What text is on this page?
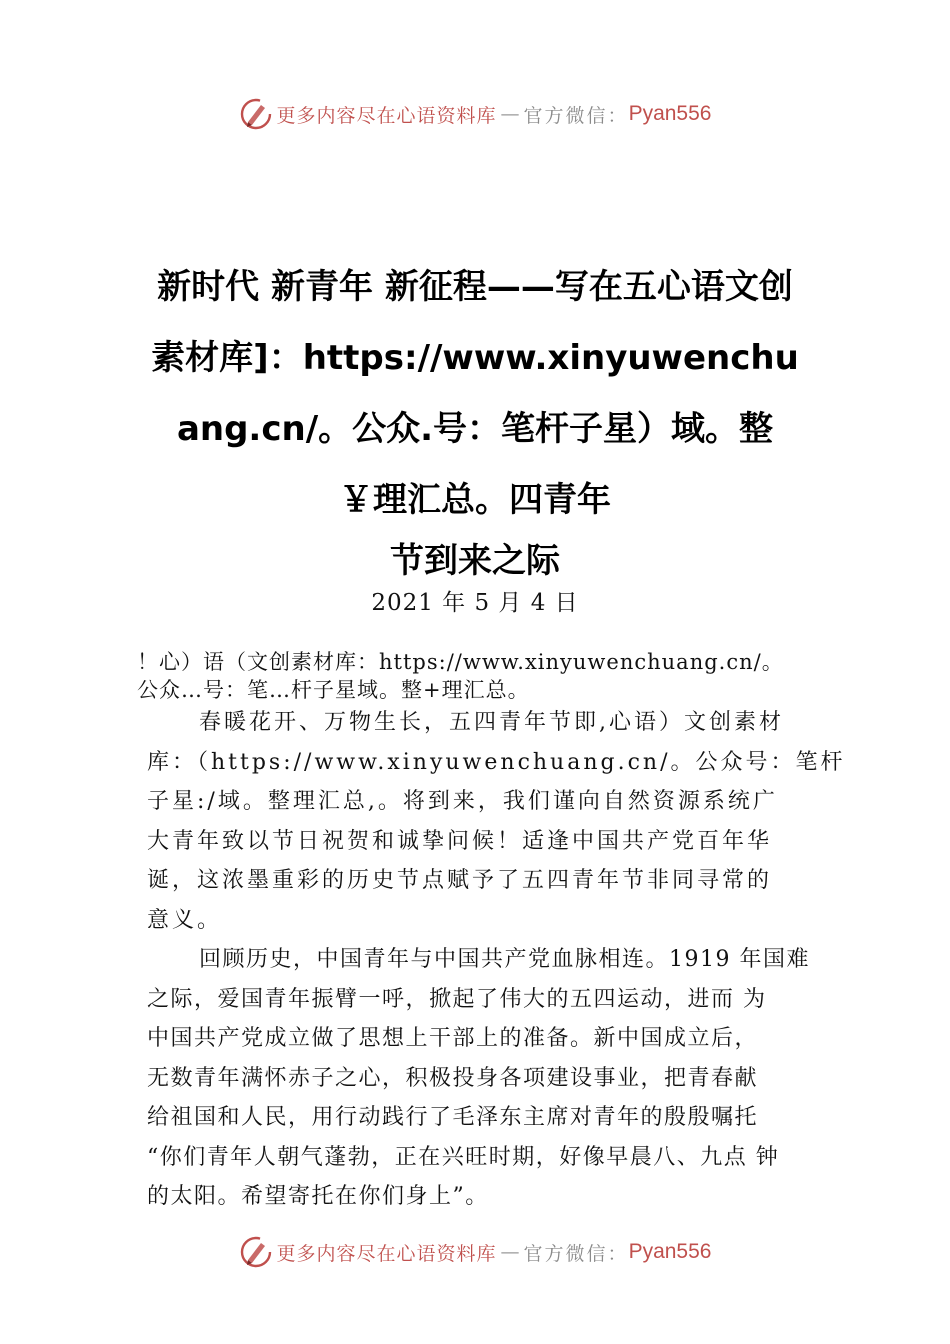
更多内容尽在心语资料库 — 官方微信： Pyan556
新时代 新青年 新征程——写在五心语文创
素材库]：https://www.xinyuwenchu
ang.cn/。公众.号：笔杆子星）域。整
￥理汇总。四青年
节到来之际
2021 年 5 月 4 日
！心）语（文创素材库：https://www.xinyuwenchuang.cn/。
公众…号：笔…杆子星域。整+理汇总。
春暖花开、万物生长，五四青年节即,心语）文创素材
库：（https://www.xinyuwenchuang.cn/。公众号：笔杆
子星:/域。整理汇总,。将到来，我们谨向自然资源系统广
大青年致以节日祝贺和诚挚问候！适逢中国共产党百年华
诞，这浓墨重彩的历史节点赋予了五四青年节非同寻常的
意义。
回顾历史，中国青年与中国共产党血脉相连。1919 年国难
之际，爱国青年振臂一呼，掀起了伟大的五四运动，进而 为
中国共产党成立做了思想上干部上的准备。新中国成立后，
无数青年满怀赤子之心，积极投身各项建设事业，把青春献
给祖国和人民，用行动践行了毛泽东主席对青年的殷殷嘱托
“你们青年人朝气蓬勃，正在兴旺时期，好像早晨八、九点 钟
的太阳。希望寄托在你们身上”。
更多内容尽在心语资料库 — 官方微信： Pyan556
